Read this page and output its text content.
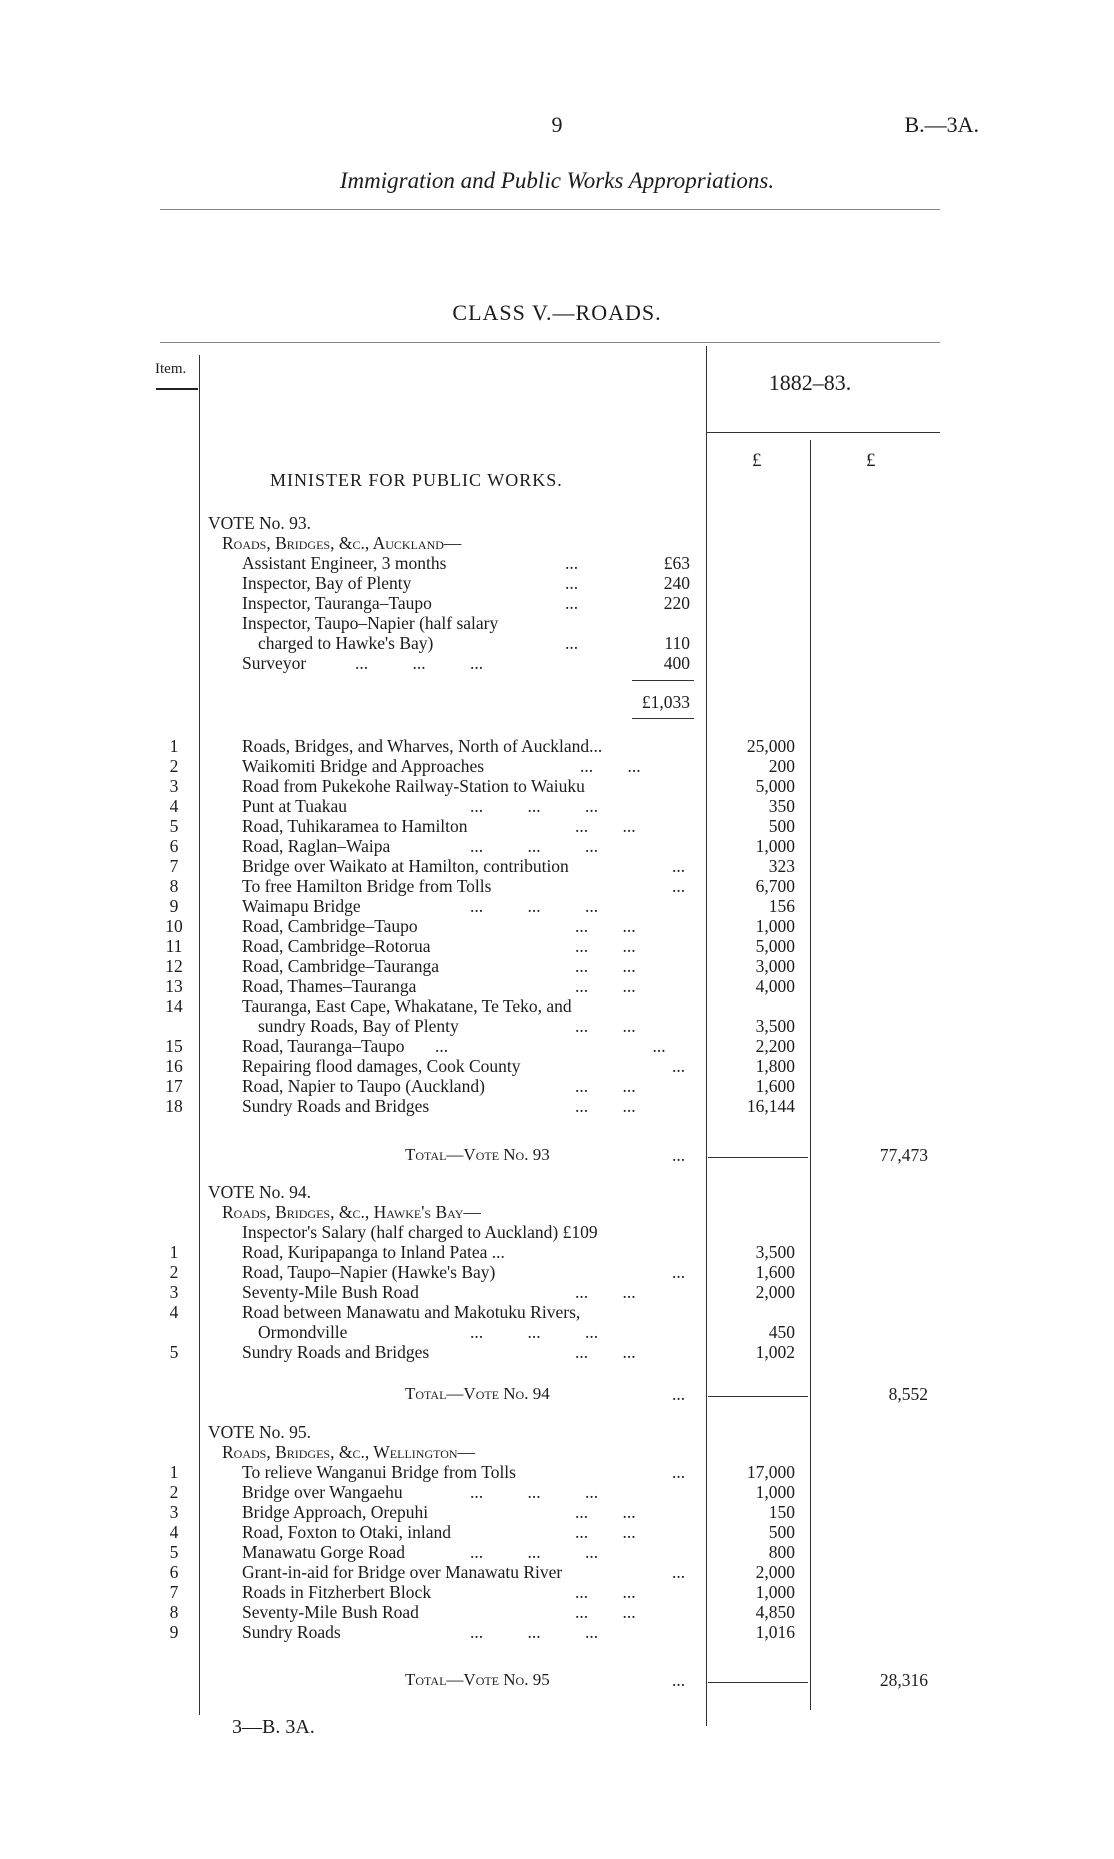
9	B.—3A.
Immigration and Public Works Appropriations.
CLASS V.—ROADS.
Item.
1882–83.
£	£
MINISTER FOR PUBLIC WORKS.
VOTE No. 93.
Roads, Bridges, &c., Auckland—
Assistant Engineer, 3 months	...	£63
Inspector, Bay of Plenty	...	240
Inspector, Tauranga–Taupo	...	220
Inspector, Taupo–Napier (half salary
charged to Hawke's Bay)	...	110
Surveyor	... ... ...	400
£1,033
1	Roads, Bridges, and Wharves, North of Auckland...	25,000
2	Waikomiti Bridge and Approaches	... ...	200
3	Road from Pukekohe Railway-Station to Waiuku	5,000
4	Punt at Tuakau	... ... ...	350
5	Road, Tuhikaramea to Hamilton	... ...	500
6	Road, Raglan–Waipa	... ... ...	1,000
7	Bridge over Waikato at Hamilton, contribution	...	323
8	To free Hamilton Bridge from Tolls	...	6,700
9	Waimapu Bridge	... ... ...	156
10	Road, Cambridge–Taupo	... ...	1,000
11	Road, Cambridge–Rotorua	... ...	5,000
12	Road, Cambridge–Tauranga	... ...	3,000
13	Road, Thames–Tauranga	... ...	4,000
14	Tauranga, East Cape, Whakatane, Te Teko, and
sundry Roads, Bay of Plenty	... ...	3,500
15	Road, Tauranga–Taupo ... ...	2,200
16	Repairing flood damages, Cook County	...	1,800
17	Road, Napier to Taupo (Auckland)	... ...	1,600
18	Sundry Roads and Bridges	... ...	16,144
Total—Vote No. 93	...	77,473
VOTE No. 94.
Roads, Bridges, &c., Hawke's Bay—
Inspector's Salary (half charged to Auckland) £109
1	Road, Kuripapanga to Inland Patea ...	3,500
2	Road, Taupo–Napier (Hawke's Bay)	...	1,600
3	Seventy-Mile Bush Road	... ...	2,000
4	Road between Manawatu and Makotuku Rivers,
Ormondville	... ... ...	450
5	Sundry Roads and Bridges	... ...	1,002
Total—Vote No. 94	...	8,552
VOTE No. 95.
Roads, Bridges, &c., Wellington—
1	To relieve Wanganui Bridge from Tolls	...	17,000
2	Bridge over Wangaehu	... ... ...	1,000
3	Bridge Approach, Orepuhi	... ...	150
4	Road, Foxton to Otaki, inland	... ...	500
5	Manawatu Gorge Road	... ... ...	800
6	Grant-in-aid for Bridge over Manawatu River	...	2,000
7	Roads in Fitzherbert Block	... ...	1,000
8	Seventy-Mile Bush Road	... ...	4,850
9	Sundry Roads	... ... ...	1,016
Total—Vote No. 95	...	28,316
3—B. 3A.
